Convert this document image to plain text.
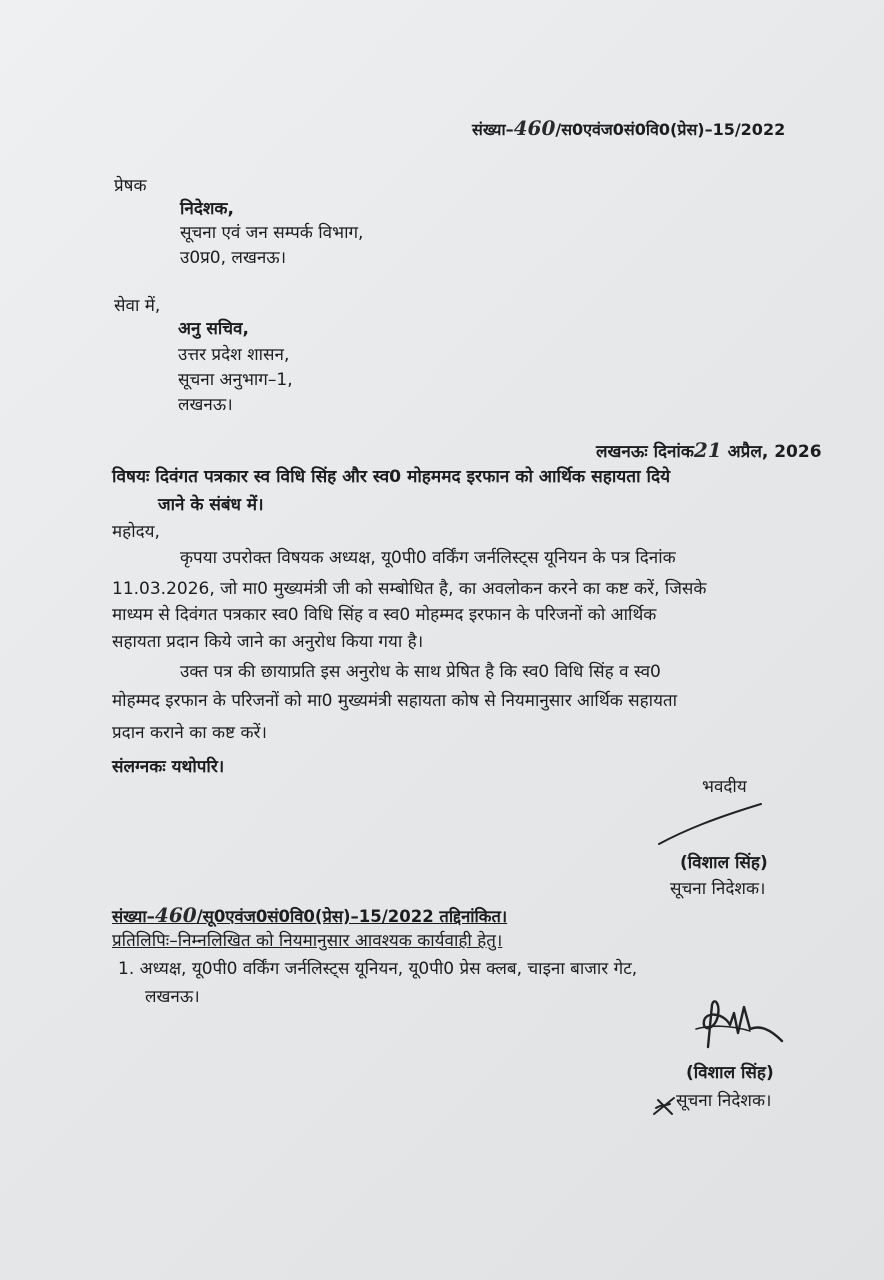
संख्या–460/स0एवंज0सं0वि0(प्रेस)–15/2022
प्रेषक
निदेशक,
सूचना एवं जन सम्पर्क विभाग,
उ0प्र0, लखनऊ।
सेवा में,
अनु सचिव,
उत्तर प्रदेश शासन,
सूचना अनुभाग–1,
लखनऊ।
लखनऊः दिनांक21 अप्रैल, 2026
विषयः दिवंगत पत्रकार स्व विधि सिंह और स्व0 मोहममद इरफान को आर्थिक सहायता दिये
जाने के संबंध में।
महोदय,
कृपया उपरोक्त विषयक अध्यक्ष, यू0पी0 वर्किंग जर्नलिस्ट्स यूनियन के पत्र दिनांक
11.03.2026, जो मा0 मुख्यमंत्री जी को सम्बोधित है, का अवलोकन करने का कष्ट करें, जिसके
माध्यम से दिवंगत पत्रकार स्व0 विधि सिंह व स्व0 मोहम्मद इरफान के परिजनों को आर्थिक
सहायता प्रदान किये जाने का अनुरोध किया गया है।
उक्त पत्र की छायाप्रति इस अनुरोध के साथ प्रेषित है कि स्व0 विधि सिंह व स्व0
मोहम्मद इरफान के परिजनों को मा0 मुख्यमंत्री सहायता कोष से नियमानुसार आर्थिक सहायता
प्रदान कराने का कष्ट करें।
संलग्नकः यथोपरि।
भवदीय
(विशाल सिंह)
सूचना निदेशक।
संख्या–460/सू0एवंज0सं0वि0(प्रेस)–15/2022 तद्दिनांकित।
प्रतिलिपिः–निम्नलिखित को नियमानुसार आवश्यक कार्यवाही हेतु।
1. अध्यक्ष, यू0पी0 वर्किंग जर्नलिस्ट्स यूनियन, यू0पी0 प्रेस क्लब, चाइना बाजार गेट,
लखनऊ।
(विशाल सिंह)
सूचना निदेशक।
